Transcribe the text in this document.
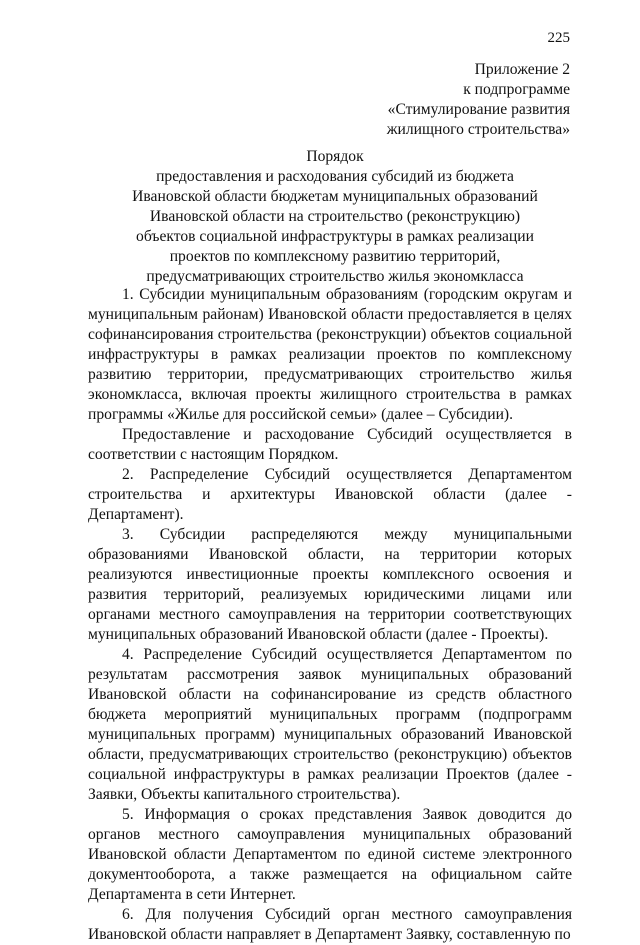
225
Приложение 2
к подпрограмме
«Стимулирование развития
жилищного строительства»
Порядок
предоставления и расходования субсидий из бюджета
Ивановской области бюджетам муниципальных образований
Ивановской области на строительство (реконструкцию)
объектов социальной инфраструктуры в рамках реализации
проектов по комплексному развитию территорий,
предусматривающих строительство жилья экономкласса

1. Субсидии муниципальным образованиям (городским округам и муниципальным районам) Ивановской области предоставляется в целях софинансирования строительства (реконструкции) объектов социальной инфраструктуры в рамках реализации проектов по комплексному развитию территории, предусматривающих строительство жилья экономкласса, включая проекты жилищного строительства в рамках программы «Жилье для российской семьи» (далее – Субсидии).

Предоставление и расходование Субсидий осуществляется в соответствии с настоящим Порядком.

2. Распределение Субсидий осуществляется Департаментом строительства и архитектуры Ивановской области (далее - Департамент).

3. Субсидии распределяются между муниципальными образованиями Ивановской области, на территории которых реализуются инвестиционные проекты комплексного освоения и развития территорий, реализуемых юридическими лицами или органами местного самоуправления на территории соответствующих муниципальных образований Ивановской области (далее - Проекты).

4. Распределение Субсидий осуществляется Департаментом по результатам рассмотрения заявок муниципальных образований Ивановской области на софинансирование из средств областного бюджета мероприятий муниципальных программ (подпрограмм муниципальных программ) муниципальных образований Ивановской области, предусматривающих строительство (реконструкцию) объектов социальной инфраструктуры в рамках реализации Проектов (далее - Заявки, Объекты капитального строительства).

5. Информация о сроках представления Заявок доводится до органов местного самоуправления муниципальных образований Ивановской области Департаментом по единой системе электронного документооборота, а также размещается на официальном сайте Департамента в сети Интернет.

6. Для получения Субсидий орган местного самоуправления Ивановской области направляет в Департамент Заявку, составленную по
